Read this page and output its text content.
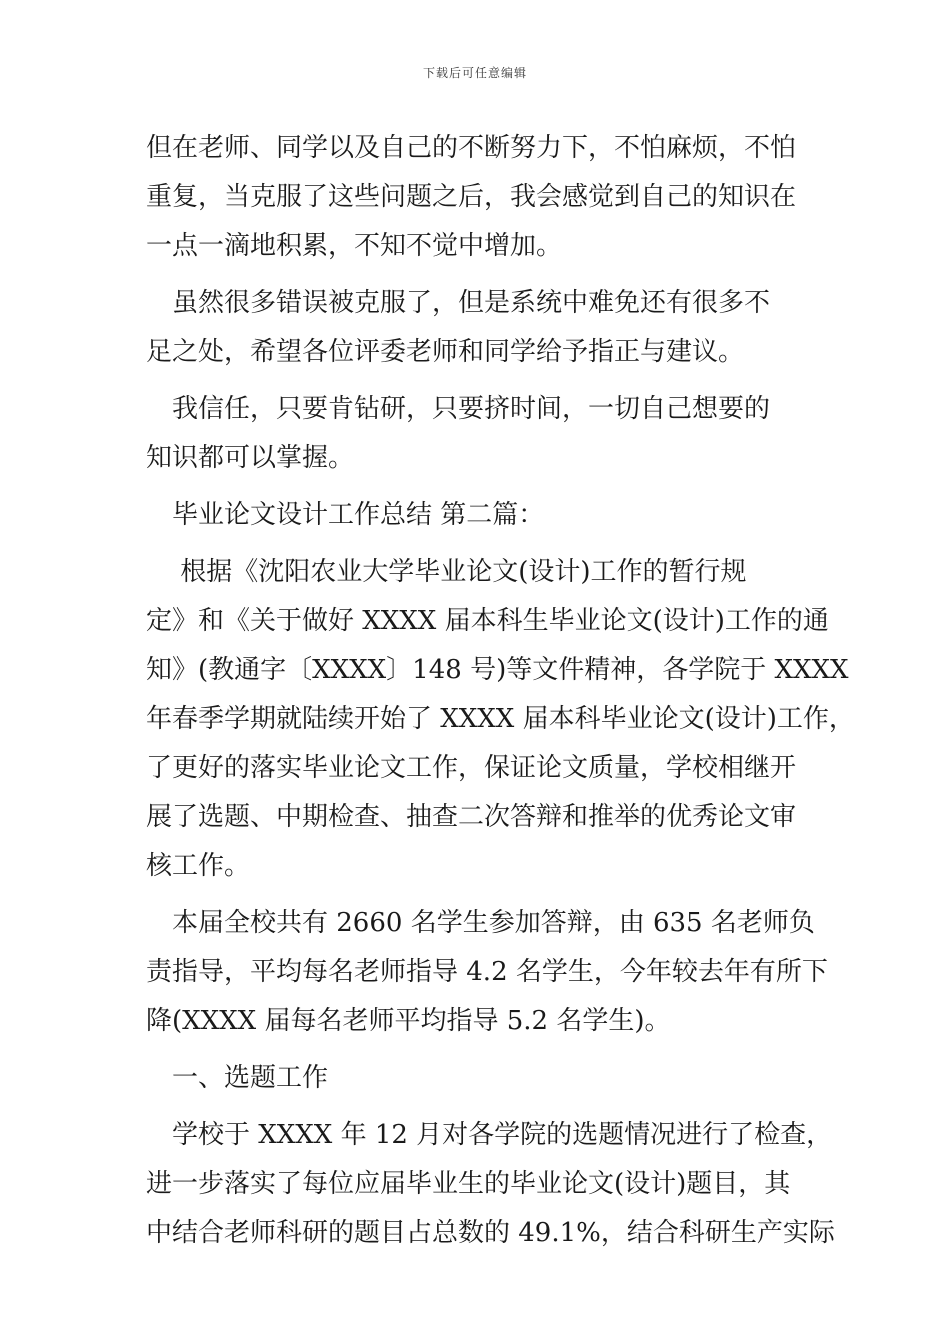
下载后可任意编辑
但在老师、同学以及自己的不断努力下，不怕麻烦，不怕
重复，当克服了这些问题之后，我会感觉到自己的知识在
一点一滴地积累，不知不觉中增加。
　虽然很多错误被克服了，但是系统中难免还有很多不
足之处，希望各位评委老师和同学给予指正与建议。
　我信任，只要肯钻研，只要挤时间，一切自己想要的
知识都可以掌握。
　毕业论文设计工作总结 第二篇：
　 根据《沈阳农业大学毕业论文(设计)工作的暂行规
定》和《关于做好 XXXX 届本科生毕业论文(设计)工作的通
知》(教通字〔XXXX〕148 号)等文件精神，各学院于 XXXX
年春季学期就陆续开始了 XXXX 届本科毕业论文(设计)工作，
了更好的落实毕业论文工作，保证论文质量，学校相继开
展了选题、中期检查、抽查二次答辩和推举的优秀论文审
核工作。
　本届全校共有 2660 名学生参加答辩，由 635 名老师负
责指导，平均每名老师指导 4.2 名学生，今年较去年有所下
降(XXXX 届每名老师平均指导 5.2 名学生)。
　一、选题工作
　学校于 XXXX 年 12 月对各学院的选题情况进行了检查，
进一步落实了每位应届毕业生的毕业论文(设计)题目，其
中结合老师科研的题目占总数的 49.1%，结合科研生产实际
